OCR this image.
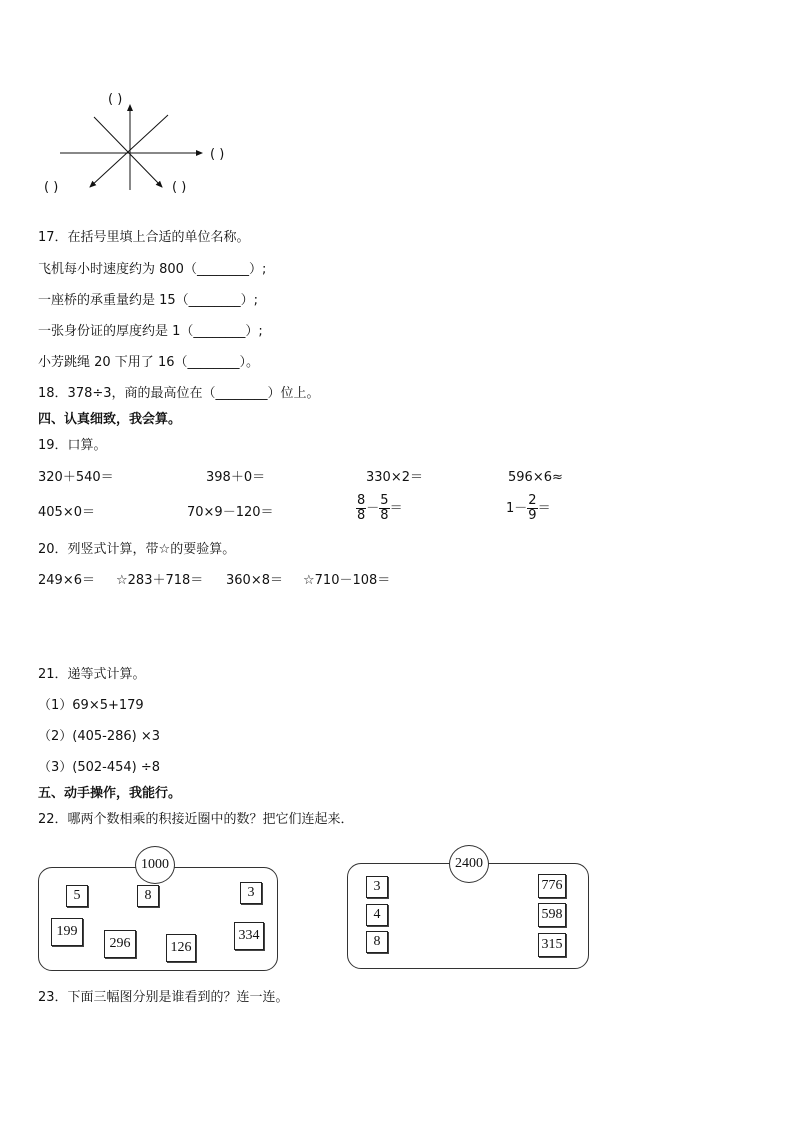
( )
( )
( )	( )
17．在括号里填上合适的单位名称。
飞机每小时速度约为 800（________）;
一座桥的承重量约是 15（________）;
一张身份证的厚度约是 1（________）;
小芳跳绳 20 下用了 16（________）。
18．378÷3，商的最高位在（________）位上。
四、认真细致，我会算。
19．口算。
320＋540＝	398＋0＝	330×2＝	596×6≈
405×0＝	70×9－120＝	$\frac{8}{8} - \frac{5}{8}$ ＝	$1- \frac{2}{9}$ ＝
20．列竖式计算，带☆的要验算。
249×6＝ ☆283＋718＝ 360×8＝ ☆710－108＝
21．递等式计算。
（1）69×5+179
（2）(405-286) ×3
（3）(502-454) ÷8
五、动手操作，我能行。
22．哪两个数相乘的积接近圈中的数？把它们连起来．
1000
5	8	3
199
296	126
334
2400
3
4
8
776
598
315
23．下面三幅图分别是谁看到的？连一连。
